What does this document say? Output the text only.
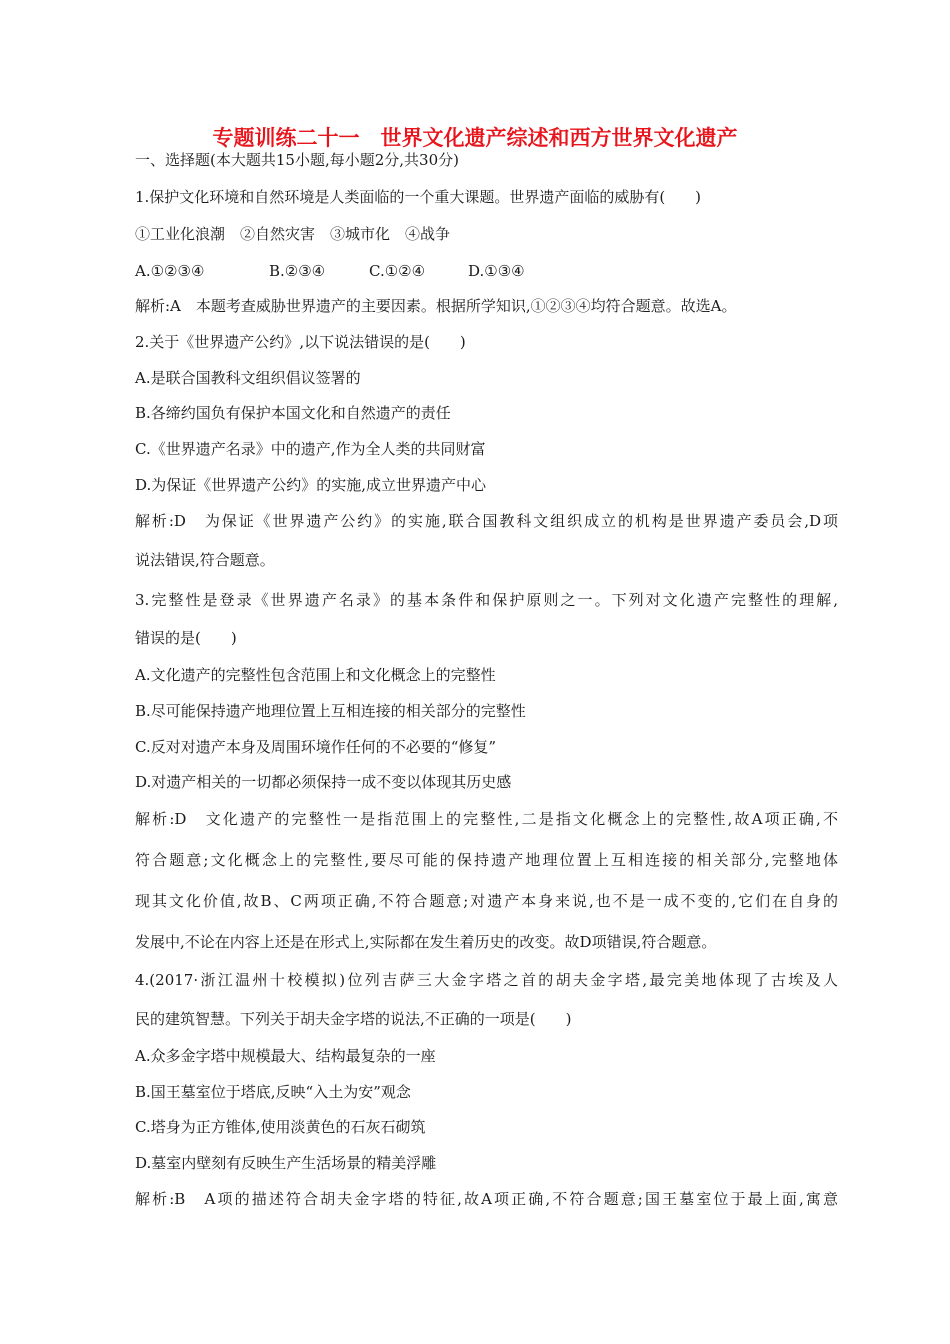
专题训练二十一　世界文化遗产综述和西方世界文化遗产
一、选择题(本大题共15小题,每小题2分,共30分)
1.保护文化环境和自然环境是人类面临的一个重大课题。世界遗产面临的威胁有(　　)
①工业化浪潮　②自然灾害　③城市化　④战争
A.①②③④	B.②③④	C.①②④	D.①③④
解析:A　本题考查威胁世界遗产的主要因素。根据所学知识,①②③④均符合题意。故选A。
2.关于《世界遗产公约》,以下说法错误的是(　　)
A.是联合国教科文组织倡议签署的
B.各缔约国负有保护本国文化和自然遗产的责任
C.《世界遗产名录》中的遗产,作为全人类的共同财富
D.为保证《世界遗产公约》的实施,成立世界遗产中心
解析:D　为保证《世界遗产公约》的实施,联合国教科文组织成立的机构是世界遗产委员会,D项
说法错误,符合题意。
3.完整性是登录《世界遗产名录》的基本条件和保护原则之一。下列对文化遗产完整性的理解,
错误的是(　　)
A.文化遗产的完整性包含范围上和文化概念上的完整性
B.尽可能保持遗产地理位置上互相连接的相关部分的完整性
C.反对对遗产本身及周围环境作任何的不必要的“修复”
D.对遗产相关的一切都必须保持一成不变以体现其历史感
解析:D　文化遗产的完整性一是指范围上的完整性,二是指文化概念上的完整性,故A项正确,不
符合题意;文化概念上的完整性,要尽可能的保持遗产地理位置上互相连接的相关部分,完整地体
现其文化价值,故B、C两项正确,不符合题意;对遗产本身来说,也不是一成不变的,它们在自身的
发展中,不论在内容上还是在形式上,实际都在发生着历史的改变。故D项错误,符合题意。
4.(2017·浙江温州十校模拟)位列吉萨三大金字塔之首的胡夫金字塔,最完美地体现了古埃及人
民的建筑智慧。下列关于胡夫金字塔的说法,不正确的一项是(　　)
A.众多金字塔中规模最大、结构最复杂的一座
B.国王墓室位于塔底,反映“入土为安”观念
C.塔身为正方锥体,使用淡黄色的石灰石砌筑
D.墓室内壁刻有反映生产生活场景的精美浮雕
解析:B　A项的描述符合胡夫金字塔的特征,故A项正确,不符合题意;国王墓室位于最上面,寓意
